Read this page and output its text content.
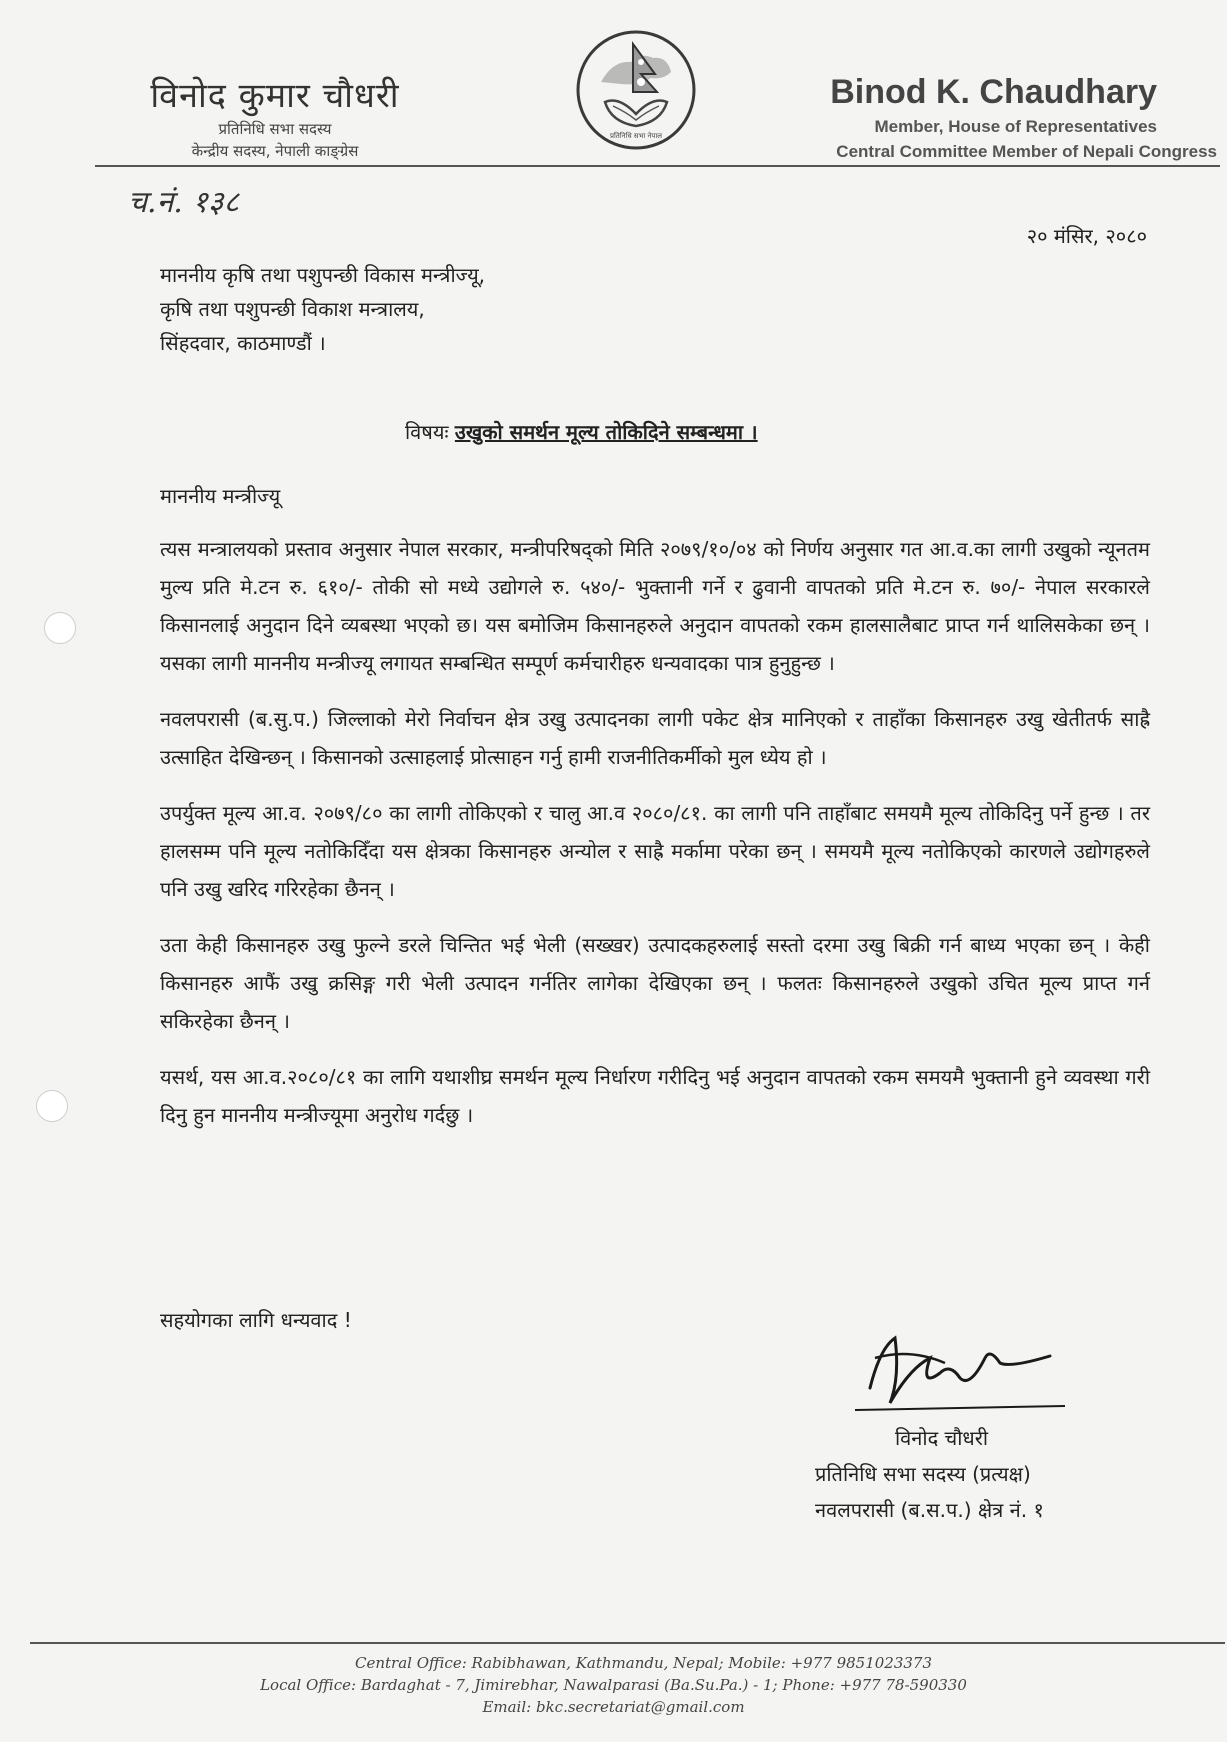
विनोद कुमार चौधरी
प्रतिनिधि सभा सदस्य
केन्द्रीय सदस्य, नेपाली काङ्ग्रेस
प्रतिनिधि सभा नेपाल
Binod K. Chaudhary
Member, House of Representatives
Central Committee Member of Nepali Congress
च.नं. १३८
२० मंसिर, २०८०
माननीय कृषि तथा पशुपन्छी विकास मन्त्रीज्यू,
कृषि तथा पशुपन्छी विकाश मन्त्रालय,
सिंहदवार, काठमाण्डौं ।
विषयः उखुको समर्थन मूल्य तोकिदिने सम्बन्धमा ।
माननीय मन्त्रीज्यू

त्यस मन्त्रालयको प्रस्ताव अनुसार नेपाल सरकार, मन्त्रीपरिषद्को मिति २०७९/१०/०४ को निर्णय अनुसार गत आ.व.का लागी उखुको न्यूनतम मुल्य प्रति मे.टन रु. ६१०/- तोकी सो मध्ये उद्योगले रु. ५४०/- भुक्तानी गर्ने र ढुवानी वापतको प्रति मे.टन रु. ७०/- नेपाल सरकारले किसानलाई अनुदान दिने व्यबस्था भएको छ। यस बमोजिम किसानहरुले अनुदान वापतको रकम हालसालैबाट प्राप्त गर्न थालिसकेका छन् । यसका लागी माननीय मन्त्रीज्यू लगायत सम्बन्धित सम्पूर्ण कर्मचारीहरु धन्यवादका पात्र हुनुहुन्छ ।

नवलपरासी (ब.सु.प.) जिल्लाको मेरो निर्वाचन क्षेत्र उखु उत्पादनका लागी पकेट क्षेत्र मानिएको र ताहाँका किसानहरु उखु खेतीतर्फ साह्रै उत्साहित देखिन्छन् । किसानको उत्साहलाई प्रोत्साहन गर्नु हामी राजनीतिकर्मीको मुल ध्येय हो ।

उपर्युक्त मूल्य आ.व. २०७९/८० का लागी तोकिएको र चालु आ.व २०८०/८१. का लागी पनि ताहाँबाट समयमै मूल्य तोकिदिनु पर्ने हुन्छ । तर हालसम्म पनि मूल्य नतोकिदिँदा यस क्षेत्रका किसानहरु अन्योल र साह्रै मर्कामा परेका छन् । समयमै मूल्य नतोकिएको कारणले उद्योगहरुले पनि उखु खरिद गरिरहेका छैनन् ।

उता केही किसानहरु उखु फुल्ने डरले चिन्तित भई भेली (सख्खर) उत्पादकहरुलाई सस्तो दरमा उखु बिक्री गर्न बाध्य भएका छन् । केही किसानहरु आफैं उखु क्रसिङ्ग गरी भेली उत्पादन गर्नतिर लागेका देखिएका छन् । फलतः किसानहरुले उखुको उचित मूल्य प्राप्त गर्न सकिरहेका छैनन् ।

यसर्थ, यस आ.व.२०८०/८१ का लागि यथाशीघ्र समर्थन मूल्य निर्धारण गरीदिनु भई अनुदान वापतको रकम समयमै भुक्तानी हुने व्यवस्था गरी दिनु हुन माननीय मन्त्रीज्यूमा अनुरोध गर्दछु ।

सहयोगका लागि धन्यवाद !
विनोद चौधरी
प्रतिनिधि सभा सदस्य (प्रत्यक्ष)
नवलपरासी (ब.स.प.) क्षेत्र नं. १
Central Office: Rabibhawan, Kathmandu, Nepal; Mobile: +977 9851023373
Local Office: Bardaghat - 7, Jimirebhar, Nawalparasi (Ba.Su.Pa.) - 1; Phone: +977 78-590330
Email: bkc.secretariat@gmail.com
